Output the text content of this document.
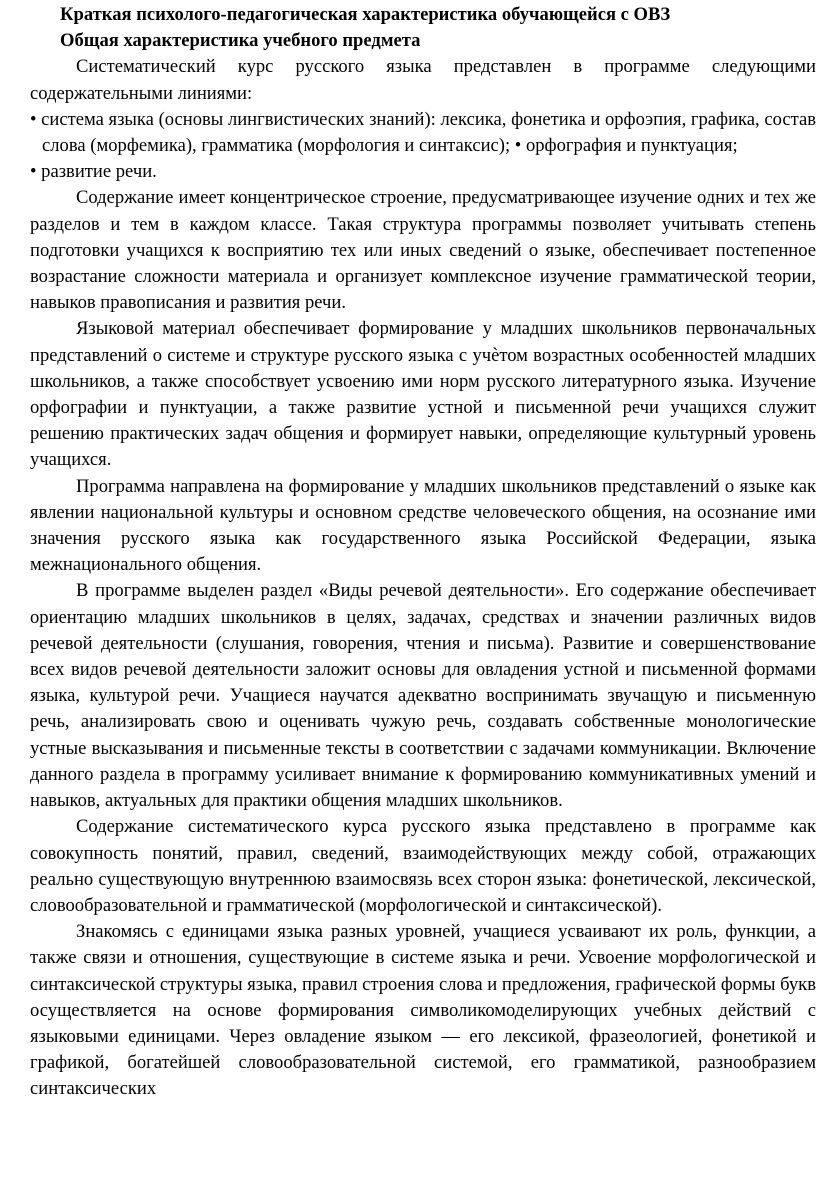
Краткая психолого-педагогическая характеристика обучающейся с ОВЗ

Общая характеристика учебного предмета

Систематический курс русского языка представлен в программе следующими содержательными линиями:

• система языка (основы лингвистических знаний): лексика, фонетика и орфоэпия, графика, состав слова (морфемика), грамматика (морфология и синтаксис); • орфография и пунктуация;

• развитие речи.

Содержание имеет концентрическое строение, предусматривающее изучение одних и тех же разделов и тем в каждом классе. Такая структура программы позволяет учитывать степень подготовки учащихся к восприятию тех или иных сведений о языке, обеспечивает постепенное возрастание сложности материала и организует комплексное изучение грамматической теории, навыков правописания и развития речи.

Языковой материал обеспечивает формирование у младших школьников первоначальных представлений о системе и структуре русского языка с учѐтом возрастных особенностей младших школьников, а также способствует усвоению ими норм русского литературного языка. Изучение орфографии и пунктуации, а также развитие устной и письменной речи учащихся служит решению практических задач общения и формирует навыки, определяющие культурный уровень учащихся.

Программа направлена на формирование у младших школьников представлений о языке как явлении национальной культуры и основном средстве человеческого общения, на осознание ими значения русского языка как государственного языка Российской Федерации, языка межнационального общения.

В программе выделен раздел «Виды речевой деятельности». Его содержание обеспечивает ориентацию младших школьников в целях, задачах, средствах и значении различных видов речевой деятельности (слушания, говорения, чтения и письма). Развитие и совершенствование всех видов речевой деятельности заложит основы для овладения устной и письменной формами языка, культурой речи. Учащиеся научатся адекватно воспринимать звучащую и письменную речь, анализировать свою и оценивать чужую речь, создавать собственные монологические устные высказывания и письменные тексты в соответствии с задачами коммуникации. Включение данного раздела в программу усиливает внимание к формированию коммуникативных умений и навыков, актуальных для практики общения младших школьников.

Содержание систематического курса русского языка представлено в программе как совокупность понятий, правил, сведений, взаимодействующих между собой, отражающих реально существующую внутреннюю взаимосвязь всех сторон языка: фонетической, лексической, словообразовательной и грамматической (морфологической и синтаксической).

Знакомясь с единицами языка разных уровней, учащиеся усваивают их роль, функции, а также связи и отношения, существующие в системе языка и речи. Усвоение морфологической и синтаксической структуры языка, правил строения слова и предложения, графической формы букв осуществляется на основе формирования символикомоделирующих учебных действий с языковыми единицами. Через овладение языком — его лексикой, фразеологией, фонетикой и графикой, богатейшей словообразовательной системой, его грамматикой, разнообразием синтаксических
